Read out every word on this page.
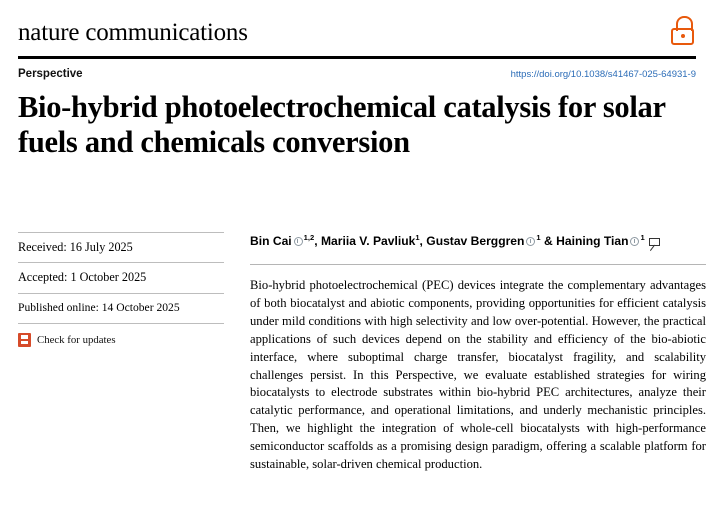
nature communications
Perspective	https://doi.org/10.1038/s41467-025-64931-9
Bio-hybrid photoelectrochemical catalysis for solar fuels and chemicals conversion
Received: 16 July 2025
Accepted: 1 October 2025
Published online: 14 October 2025
Check for updates
Bin Cai $^{1,2}$, Mariia V. Pavliuk$^1$, Gustav Berggren $^1$ & Haining Tian $^1$

Bio-hybrid photoelectrochemical (PEC) devices integrate the complementary advantages of both biocatalyst and abiotic components, providing opportunities for efficient catalysis under mild conditions with high selectivity and low over-potential. However, the practical applications of such devices depend on the stability and efficiency of the bio-abiotic interface, where suboptimal charge transfer, biocatalyst fragility, and scalability challenges persist. In this Perspective, we evaluate established strategies for wiring biocatalysts to electrode substrates within bio-hybrid PEC architectures, analyze their catalytic performance, and operational limitations, and underly mechanistic principles. Then, we highlight the integration of whole-cell biocatalysts with high-performance semiconductor scaffolds as a promising design paradigm, offering a scalable platform for sustainable, solar-driven chemical production.
